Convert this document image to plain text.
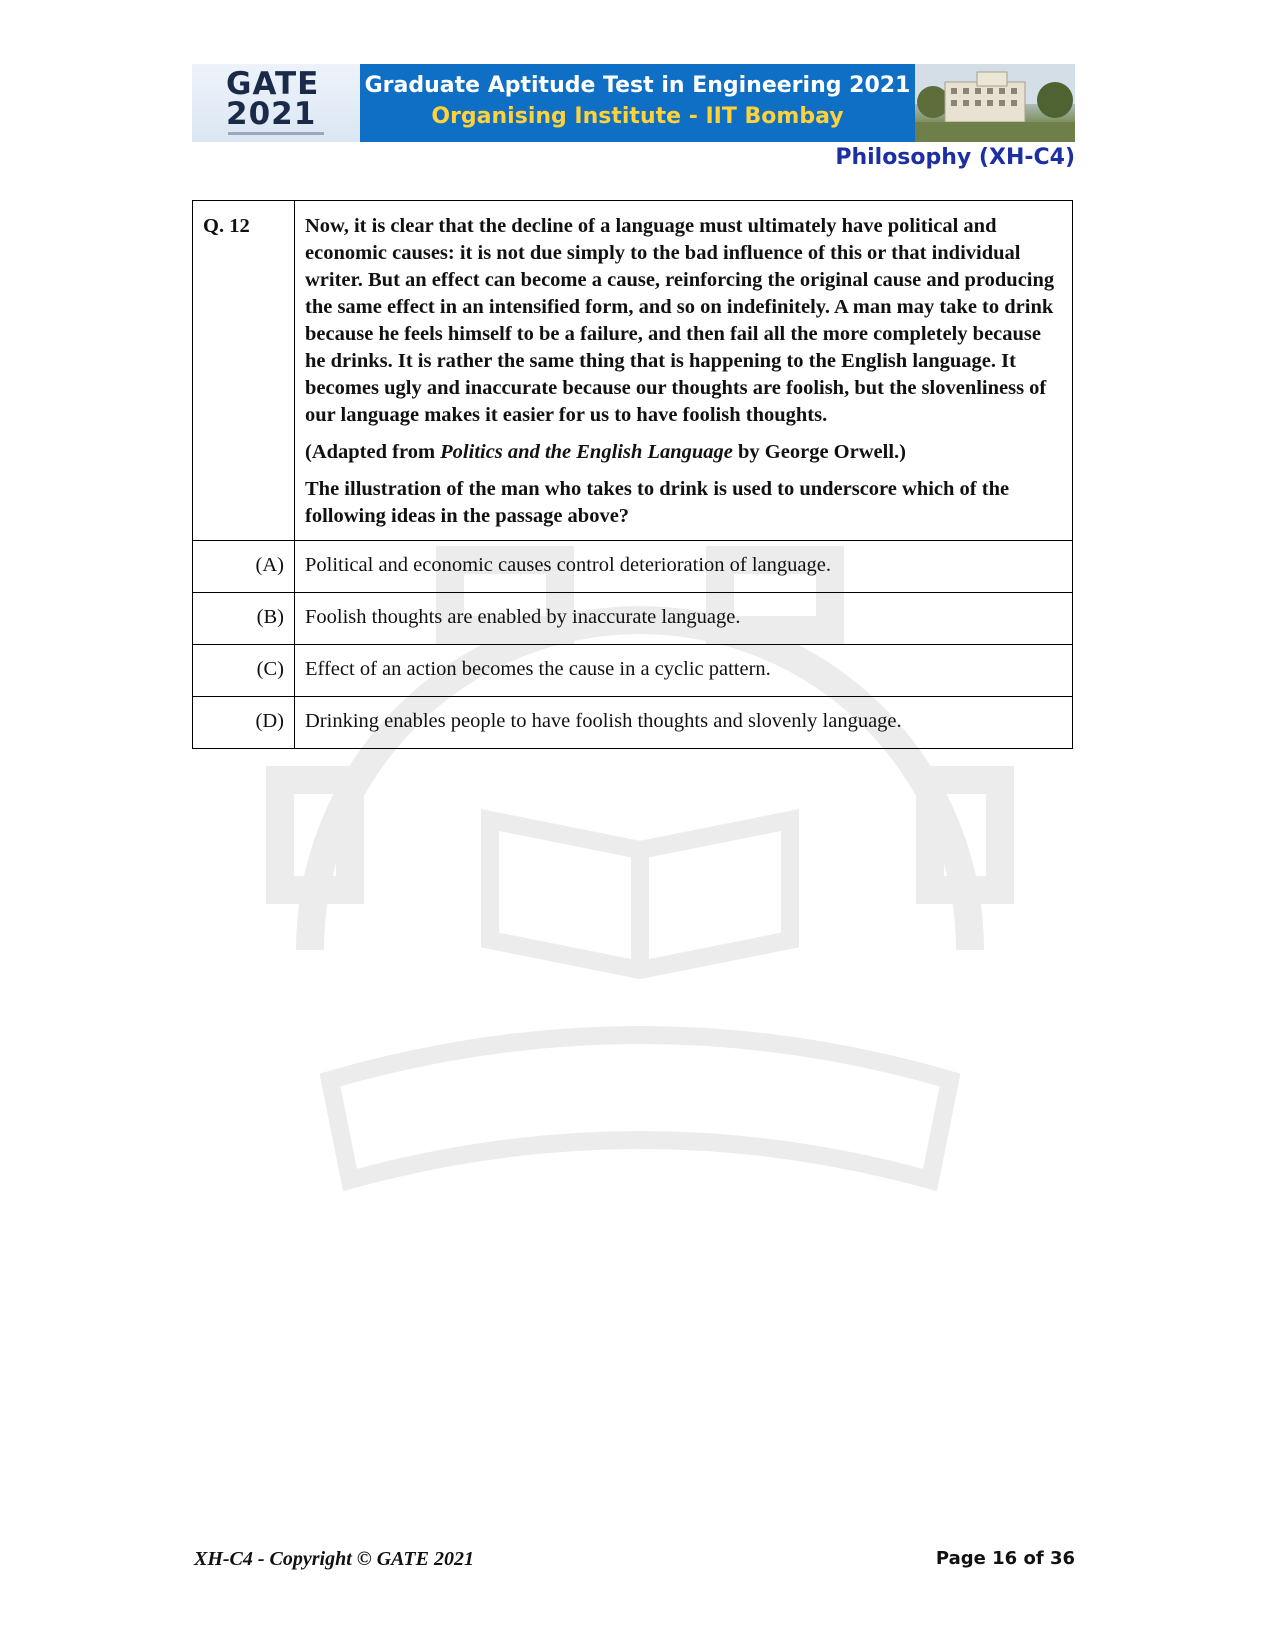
GATE
2021
Graduate Aptitude Test in Engineering 2021
Organising Institute - IIT Bombay
Philosophy (XH-C4)
Q. 12	Now, it is clear that the decline of a language must ultimately have political and economic causes: it is not due simply to the bad influence of this or that individual writer. But an effect can become a cause, reinforcing the original cause and producing the same effect in an intensified form, and so on indefinitely. A man may take to drink because he feels himself to be a failure, and then fail all the more completely because he drinks. It is rather the same thing that is happening to the English language. It becomes ugly and inaccurate because our thoughts are foolish, but the slovenliness of our language makes it easier for us to have foolish thoughts.

(Adapted from Politics and the English Language by George Orwell.)

The illustration of the man who takes to drink is used to underscore which of the following ideas in the passage above?

(A)	Political and economic causes control deterioration of language.
(B)	Foolish thoughts are enabled by inaccurate language.
(C)	Effect of an action becomes the cause in a cyclic pattern.
(D)	Drinking enables people to have foolish thoughts and slovenly language.
XH-C4 - Copyright © GATE 2021	Page 16 of 36
